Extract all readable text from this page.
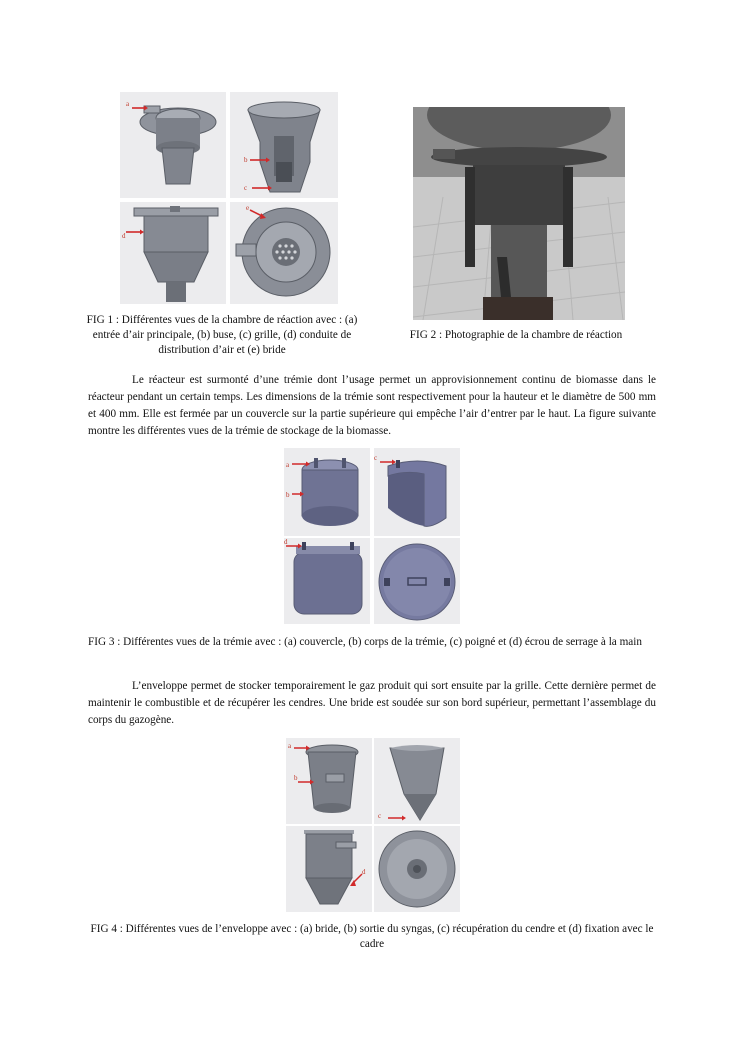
a
b
c
d
e
FIG 1 : Différentes vues de la chambre de réaction avec : (a) entrée d’air principale, (b) buse, (c) grille, (d) conduite de distribution d’air et (e) bride
FIG 2 : Photographie de la chambre de réaction

Le réacteur est surmonté d’une trémie dont l’usage permet un approvisionnement continu de biomasse dans le réacteur pendant un certain temps. Les dimensions de la trémie sont respectivement pour la hauteur et le diamètre de 500 mm et 400 mm. Elle est fermée par un couvercle sur la partie supérieure qui empêche l’air d’entrer par le haut. La figure suivante montre les différentes vues de la trémie de stockage de la biomasse.

a
b
c
d
FIG 3 : Différentes vues de la trémie avec : (a) couvercle, (b) corps de la trémie, (c) poigné et (d) écrou de serrage à la main

L’enveloppe permet de stocker temporairement le gaz produit qui sort ensuite par la grille. Cette dernière permet de maintenir le combustible et de récupérer les cendres. Une bride est soudée sur son bord supérieur, permettant l’assemblage du corps du gazogène.

a
b
c
d
FIG 4 : Différentes vues de l’enveloppe avec : (a) bride, (b) sortie du syngas, (c) récupération du cendre et (d) fixation avec le cadre
